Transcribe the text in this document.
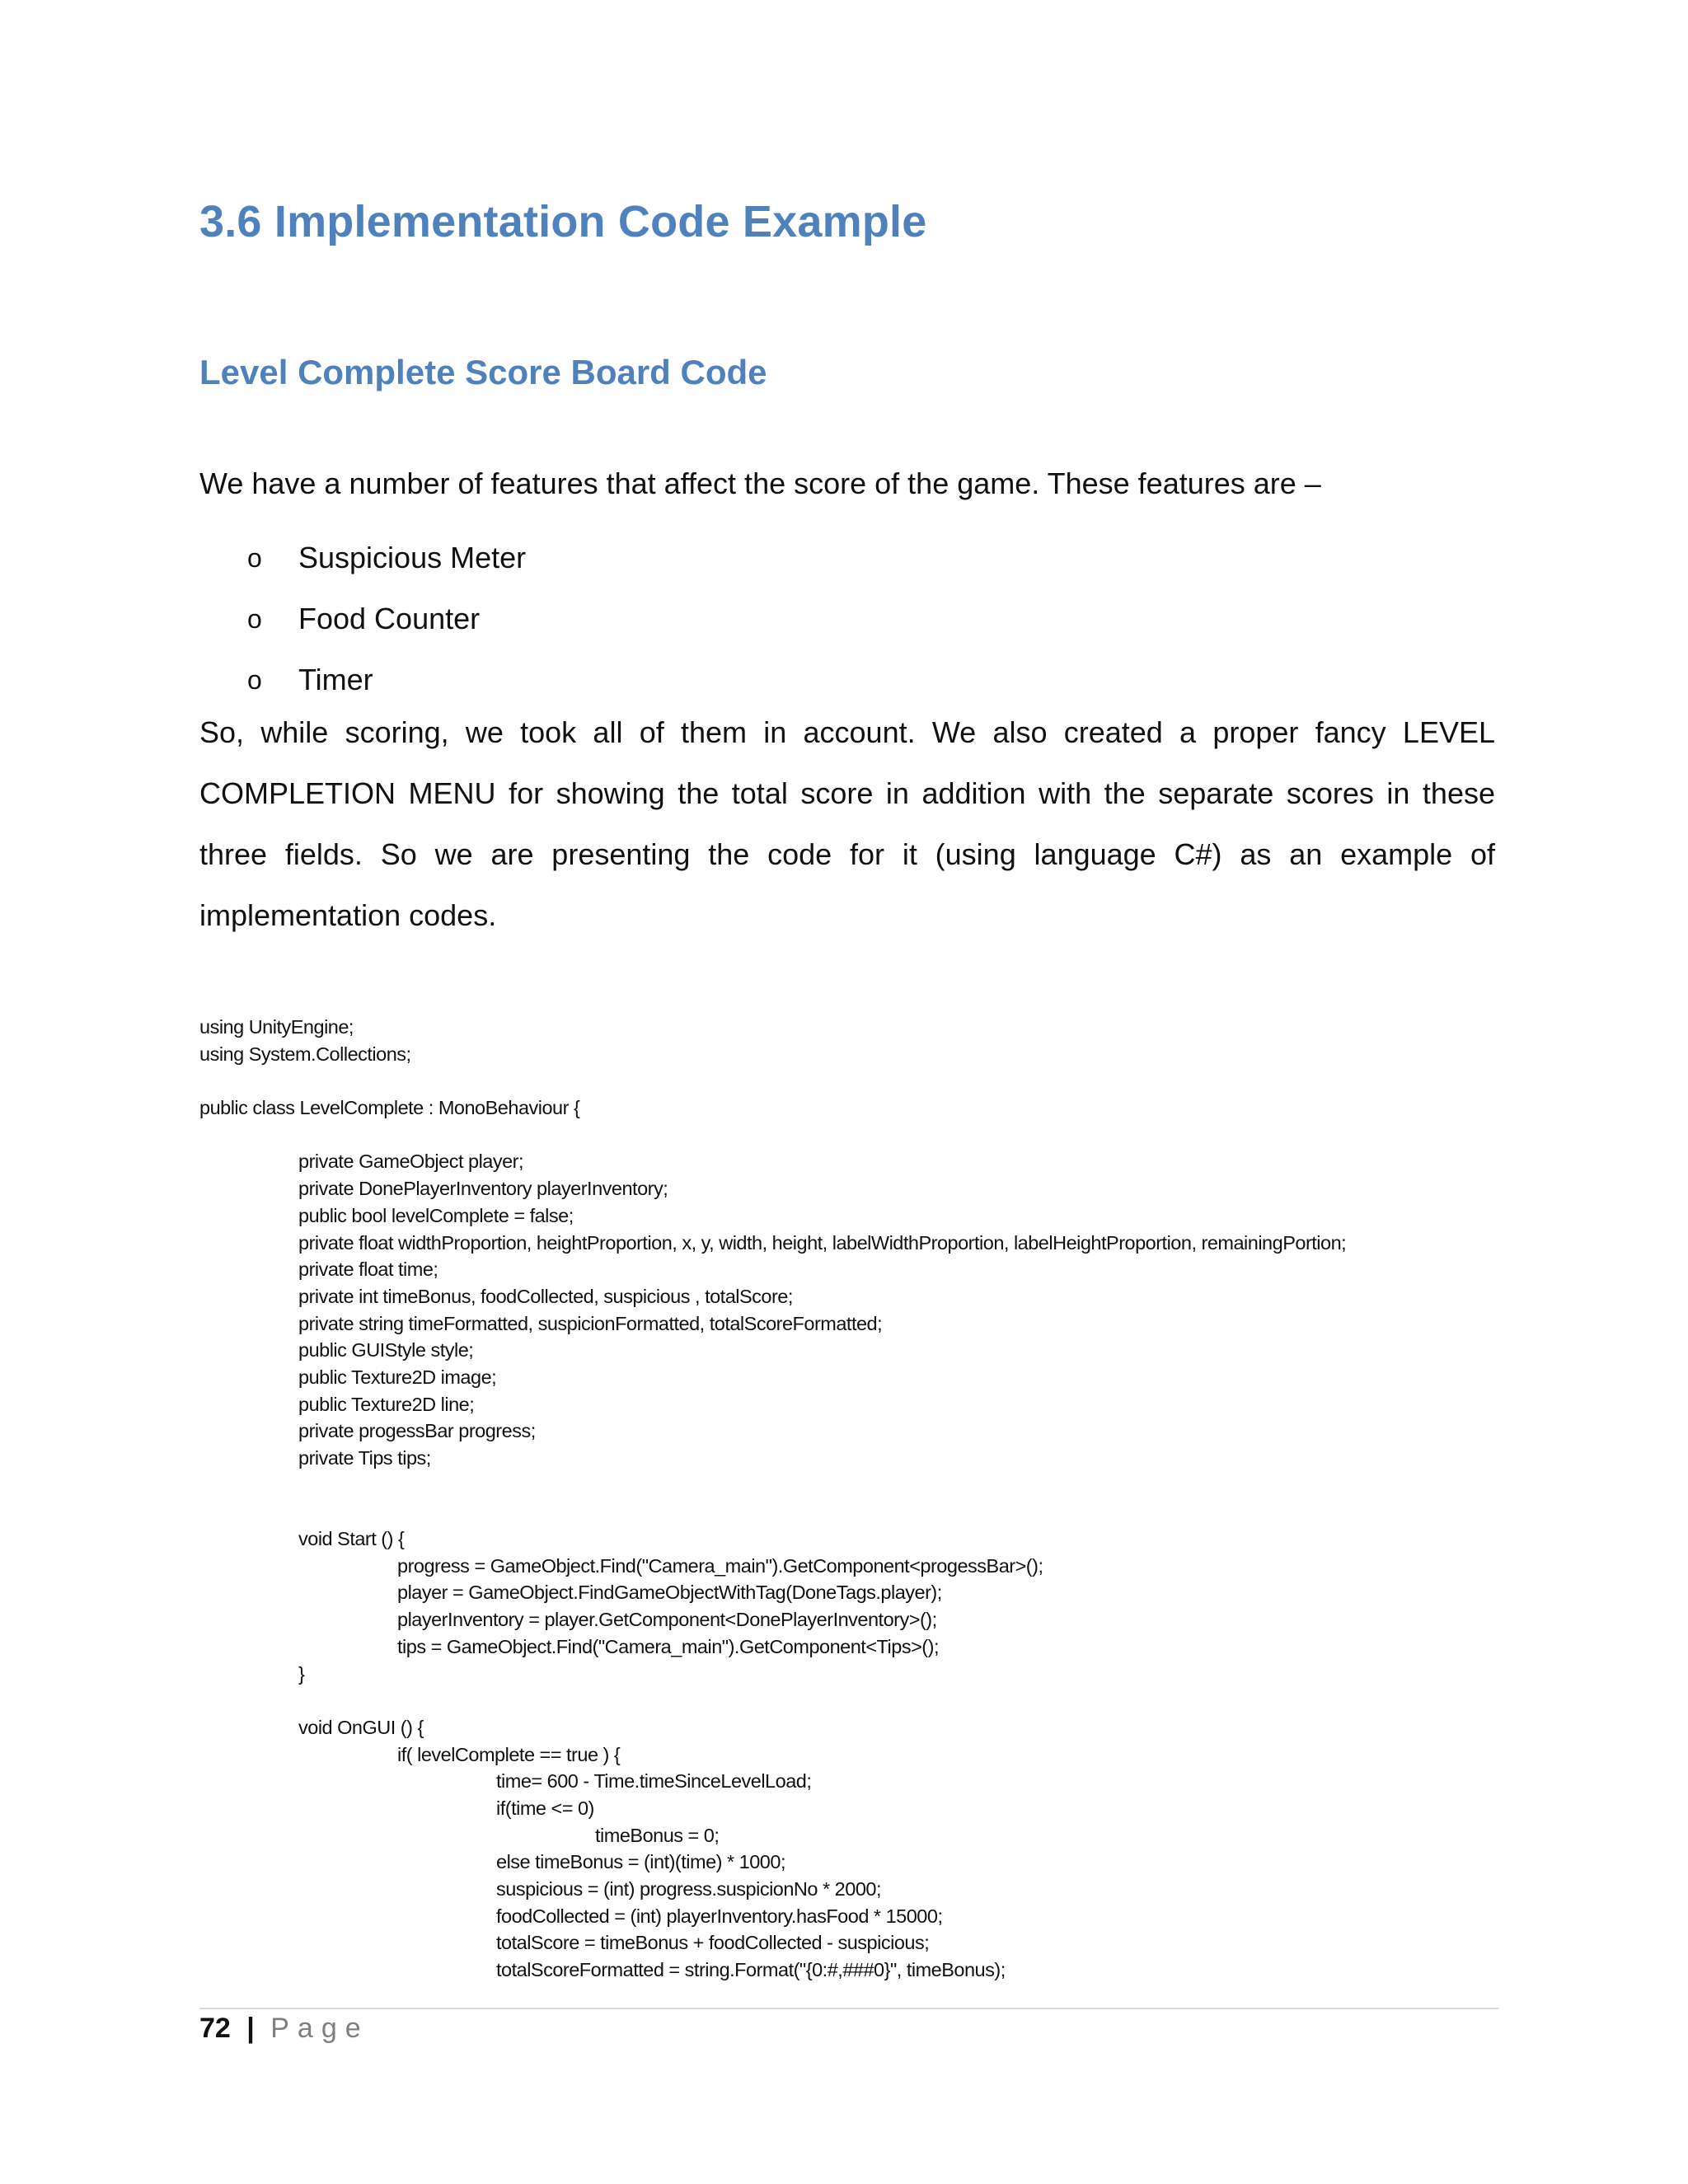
3.6 Implementation Code Example
Level Complete Score Board Code
We have a number of features that affect the score of the game. These features are –
o	Suspicious Meter
o	Food Counter
o	Timer
So, while scoring, we took all of them in account. We also created a proper fancy LEVEL COMPLETION MENU for showing the total score in addition with the separate scores in these three fields. So we are presenting the code for it (using language C#) as an example of implementation codes.
using UnityEngine;
using System.Collections;
public class LevelComplete : MonoBehaviour {
private GameObject player;
private DonePlayerInventory playerInventory;
public bool levelComplete = false;
private float widthProportion, heightProportion, x, y, width, height, labelWidthProportion, labelHeightProportion, remainingPortion;
private float time;
private int timeBonus, foodCollected, suspicious , totalScore;
private string timeFormatted, suspicionFormatted, totalScoreFormatted;
public GUIStyle style;
public Texture2D image;
public Texture2D line;
private progessBar progress;
private Tips tips;
void Start () {
progress = GameObject.Find("Camera_main").GetComponent<progessBar>();
player = GameObject.FindGameObjectWithTag(DoneTags.player);
playerInventory = player.GetComponent<DonePlayerInventory>();
tips = GameObject.Find("Camera_main").GetComponent<Tips>();
}
void OnGUI () {
if( levelComplete == true ) {
time= 600 - Time.timeSinceLevelLoad;
if(time <= 0)
timeBonus = 0;
else timeBonus = (int)(time) * 1000;
suspicious = (int) progress.suspicionNo * 2000;
foodCollected = (int) playerInventory.hasFood * 15000;
totalScore = timeBonus + foodCollected - suspicious;
totalScoreFormatted = string.Format("{0:#,###0}", timeBonus);
72 | Page
